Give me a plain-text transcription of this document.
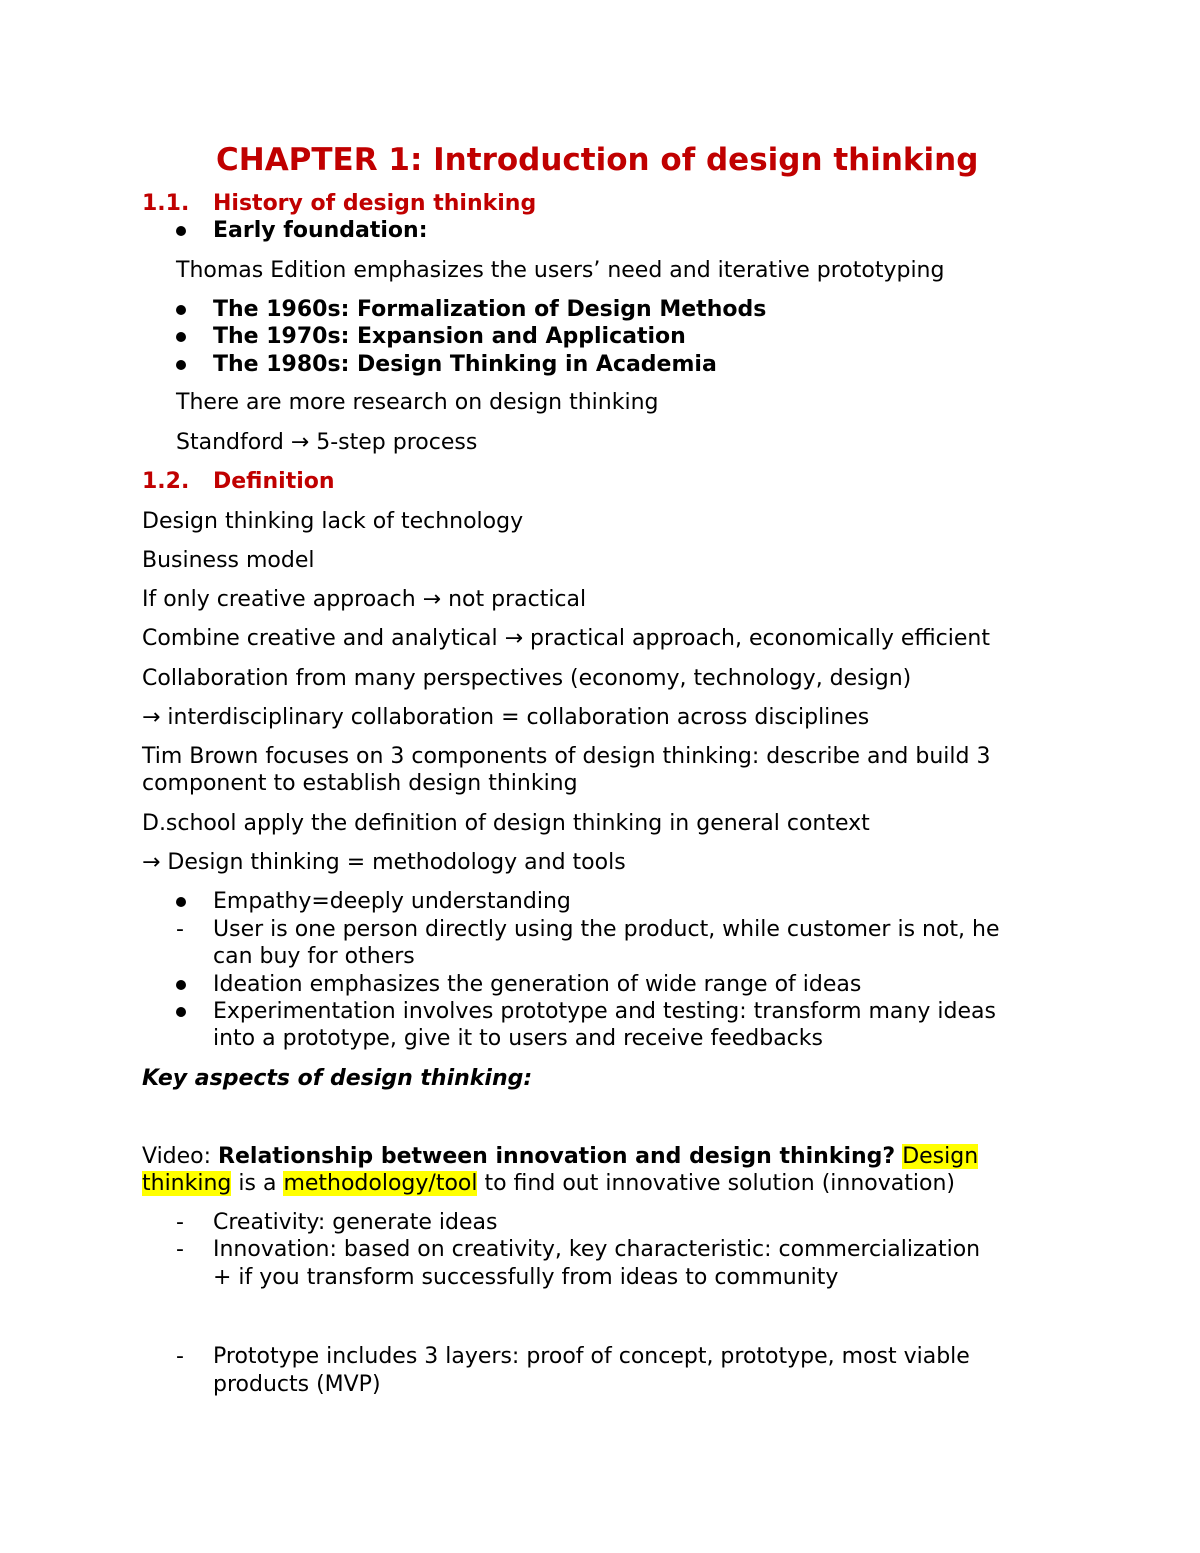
CHAPTER 1: Introduction of design thinking
1.1. History of design thinking
Early foundation:
Thomas Edition emphasizes the users’ need and iterative prototyping
The 1960s: Formalization of Design Methods
The 1970s: Expansion and Application
The 1980s: Design Thinking in Academia
There are more research on design thinking
Standford → 5-step process
1.2. Definition
Design thinking lack of technology
Business model
If only creative approach → not practical
Combine creative and analytical → practical approach, economically efficient
Collaboration from many perspectives (economy, technology, design)
→ interdisciplinary collaboration = collaboration across disciplines
Tim Brown focuses on 3 components of design thinking: describe and build 3
component to establish design thinking
D.school apply the definition of design thinking in general context
→ Design thinking = methodology and tools
Empathy=deeply understanding
- User is one person directly using the product, while customer is not, he
can buy for others
Ideation emphasizes the generation of wide range of ideas
Experimentation involves prototype and testing: transform many ideas
into a prototype, give it to users and receive feedbacks
Key aspects of design thinking:
Video: Relationship between innovation and design thinking? Design
thinking is a methodology/tool to find out innovative solution (innovation)
- Creativity: generate ideas
- Innovation: based on creativity, key characteristic: commercialization
+ if you transform successfully from ideas to community
- Prototype includes 3 layers: proof of concept, prototype, most viable
products (MVP)
